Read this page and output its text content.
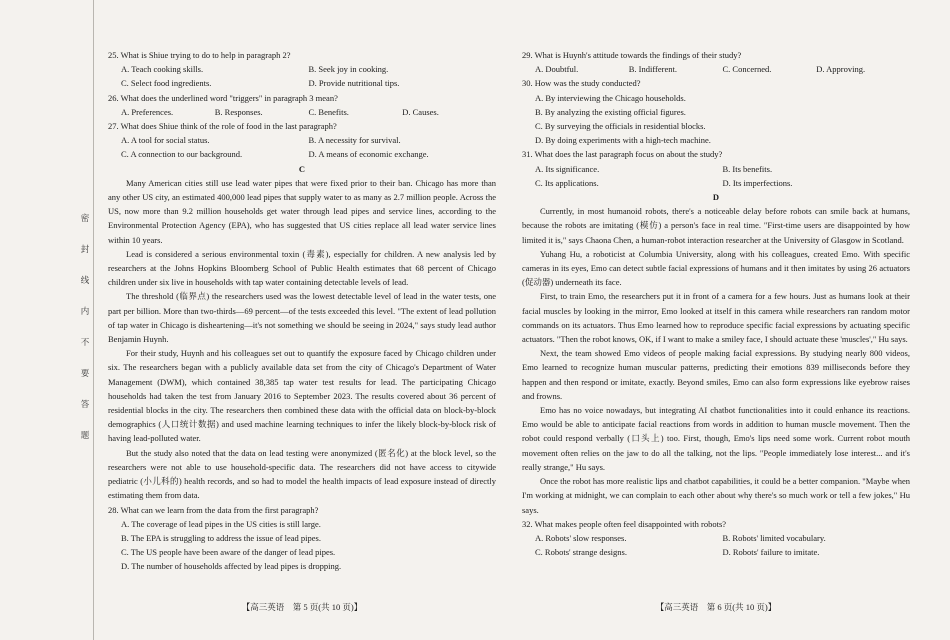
密
封
线
内
不
要
答
题

25. What is Shiue trying to do to help in paragraph 2?

A. Teach cooking skills.	B. Seek joy in cooking.
C. Select food ingredients.	D. Provide nutritional tips.

26. What does the underlined word "triggers" in paragraph 3 mean?

A. Preferences.	B. Responses.	C. Benefits.	D. Causes.

27. What does Shiue think of the role of food in the last paragraph?

A. A tool for social status.	B. A necessity for survival.
C. A connection to our background.	D. A means of economic exchange.

C

Many American cities still use lead water pipes that were fixed prior to their ban. Chicago has more than any other US city, an estimated 400,000 lead pipes that supply water to as many as 2.7 million people. Across the US, now more than 9.2 million households get water through lead pipes and service lines, according to the Environmental Protection Agency (EPA), who has suggested that US cities replace all lead water service lines within 10 years.

Lead is considered a serious environmental toxin (毒素), especially for children. A new analysis led by researchers at the Johns Hopkins Bloomberg School of Public Health estimates that 68 percent of Chicago children under six live in households with tap water containing detectable levels of lead.

The threshold (临界点) the researchers used was the lowest detectable level of lead in the water tests, one part per billion. More than two-thirds—69 percent—of the tests exceeded this level. "The extent of lead pollution of tap water in Chicago is disheartening—it's not something we should be seeing in 2024," says study lead author Benjamin Huynh.

For their study, Huynh and his colleagues set out to quantify the exposure faced by Chicago children under six. The researchers began with a publicly available data set from the city of Chicago's Department of Water Management (DWM), which contained 38,385 tap water test results for lead. The participating Chicago households had taken the test from January 2016 to September 2023. The results covered about 36 percent of residential blocks in the city. The researchers then combined these data with the official data on block-by-block demographics (人口统计数据) and used machine learning techniques to infer the likely block-by-block risk of having lead-polluted water.

But the study also noted that the data on lead testing were anonymized (匿名化) at the block level, so the researchers were not able to use household-specific data. The researchers did not have access to citywide pediatric (小儿科的) health records, and so had to model the health impacts of lead exposure instead of directly estimating them from data.

28. What can we learn from the data from the first paragraph?

A. The coverage of lead pipes in the US cities is still large.
B. The EPA is struggling to address the issue of lead pipes.
C. The US people have been aware of the danger of lead pipes.
D. The number of households affected by lead pipes is dropping.

29. What is Huynh's attitude towards the findings of their study?

A. Doubtful.	B. Indifferent.	C. Concerned.	D. Approving.

30. How was the study conducted?

A. By interviewing the Chicago households.
B. By analyzing the existing official figures.
C. By surveying the officials in residential blocks.
D. By doing experiments with a high-tech machine.

31. What does the last paragraph focus on about the study?

A. Its significance.	B. Its benefits.
C. Its applications.	D. Its imperfections.

D

Currently, in most humanoid robots, there's a noticeable delay before robots can smile back at humans, because the robots are imitating (模仿) a person's face in real time. "First-time users are disappointed by how limited it is," says Chaona Chen, a human-robot interaction researcher at the University of Glasgow in Scotland.

Yuhang Hu, a roboticist at Columbia University, along with his colleagues, created Emo. With specific cameras in its eyes, Emo can detect subtle facial expressions of humans and it then imitates by using 26 actuators (促动器) underneath its face.

First, to train Emo, the researchers put it in front of a camera for a few hours. Just as humans look at their facial muscles by looking in the mirror, Emo looked at itself in this camera while researchers ran random motor commands on its actuators. Thus Emo learned how to reproduce specific facial expressions by actuating specific actuators. "Then the robot knows, OK, if I want to make a smiley face, I should actuate these 'muscles'," Hu says.

Next, the team showed Emo videos of people making facial expressions. By studying nearly 800 videos, Emo learned to recognize human muscular patterns, predicting their emotions 839 milliseconds before they happen and then respond or imitate, exactly. Beyond smiles, Emo can also form expressions like eyebrow raises and frowns.

Emo has no voice nowadays, but integrating AI chatbot functionalities into it could enhance its reactions. Emo would be able to anticipate facial reactions from words in addition to human muscle movement. Then the robot could respond verbally (口头上) too. First, though, Emo's lips need some work. Current robot mouth movement often relies on the jaw to do all the talking, not the lips. "People immediately lose interest... and it's really strange," Hu says.

Once the robot has more realistic lips and chatbot capabilities, it could be a better companion. "Maybe when I'm working at midnight, we can complain to each other about why there's so much work or tell a few jokes," Hu says.

32. What makes people often feel disappointed with robots?

A. Robots' slow responses.	B. Robots' limited vocabulary.
C. Robots' strange designs.	D. Robots' failure to imitate.
【高三英语　第 5 页(共 10 页)】	【高三英语　第 6 页(共 10 页)】
